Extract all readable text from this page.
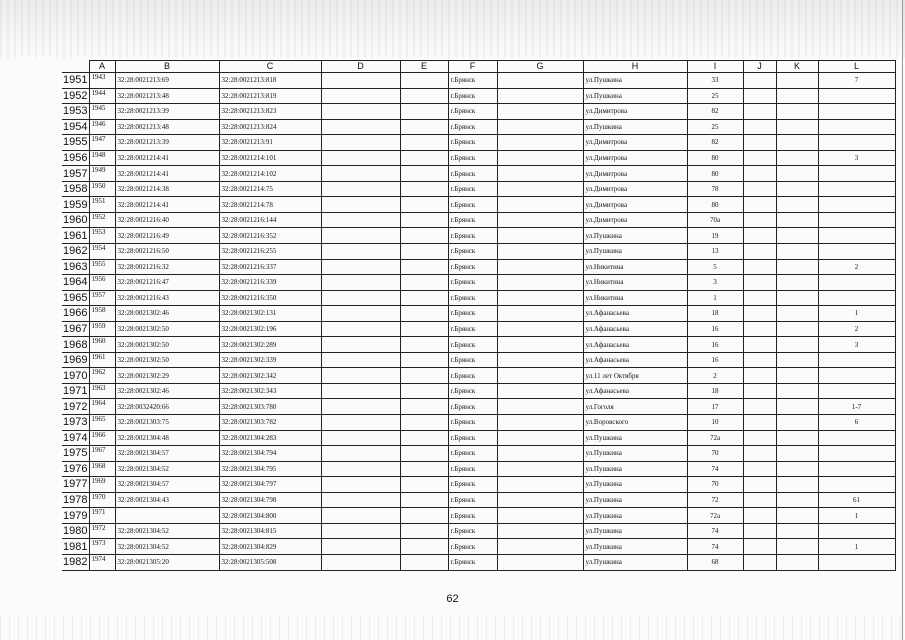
	A	B	C	D	E	F	G	H	I	J	K	L
1951	1943	32:28:0021213:69	32:28:0021213:818			г.Брянск		ул.Пушкина	33			7
1952	1944	32:28:0021213:48	32:28:0021213:819			г.Брянск		ул.Пушкина	25			
1953	1945	32:28:0021213:39	32:28:0021213:823			г.Брянск		ул.Димитрова	82			
1954	1946	32:28:0021213:48	32:28:0021213:824			г.Брянск		ул.Пушкина	25			
1955	1947	32:28:0021213:39	32:28:0021213:91			г.Брянск		ул.Димитрова	82			
1956	1948	32:28:0021214:41	32:28:0021214:101			г.Брянск		ул.Димитрова	80			3
1957	1949	32:28:0021214:41	32:28:0021214:102			г.Брянск		ул.Димитрова	80			
1958	1950	32:28:0021214:38	32:28:0021214:75			г.Брянск		ул.Димитрова	78			
1959	1951	32:28:0021214:41	32:28:0021214:78			г.Брянск		ул.Димитрова	80			
1960	1952	32:28:0021216:40	32:28:0021216:144			г.Брянск		ул.Димитрова	70а			
1961	1953	32:28:0021216:49	32:28:0021216:352			г.Брянск		ул.Пушкина	19			
1962	1954	32:28:0021216:50	32:28:0021216:255			г.Брянск		ул.Пушкина	13			
1963	1955	32:28:0021216:32	32:28:0021216:337			г.Брянск		ул.Никитина	5			2
1964	1956	32:28:0021216:47	32:28:0021216:339			г.Брянск		ул.Никитина	3			
1965	1957	32:28:0021216:43	32:28:0021216:350			г.Брянск		ул.Никитина	1			
1966	1958	32:28:0021302:46	32:28:0021302:131			г.Брянск		ул.Афанасьева	18			1
1967	1959	32:28:0021302:50	32:28:0021302:196			г.Брянск		ул.Афанасьева	16			2
1968	1960	32:28:0021302:50	32:28:0021302:289			г.Брянск		ул.Афанасьева	16			3
1969	1961	32:28:0021302:50	32:28:0021302:339			г.Брянск		ул.Афанасьева	16			
1970	1962	32:28:0021302:29	32:28:0021302:342			г.Брянск		ул.11 лет Октября	2			
1971	1963	32:28:0021302:46	32:28:0021302:343			г.Брянск		ул.Афанасьева	18			
1972	1964	32:28:0032420:66	32:28:0021303:780			г.Брянск		ул.Гоголя	17			1-7
1973	1965	32:28:0021303:75	32:28:0021303:782			г.Брянск		ул.Воровского	10			6
1974	1966	32:28:0021304:48	32:28:0021304:283			г.Брянск		ул.Пушкина	72а			
1975	1967	32:28:0021304:57	32:28:0021304:794			г.Брянск		ул.Пушкина	70			
1976	1968	32:28:0021304:52	32:28:0021304:795			г.Брянск		ул.Пушкина	74			
1977	1969	32:28:0021304:57	32:28:0021304:797			г.Брянск		ул.Пушкина	70			
1978	1970	32:28:0021304:43	32:28:0021304:798			г.Брянск		ул.Пушкина	72			61
1979	1971		32:28:0021304:800			г.Брянск		ул.Пушкина	72а			1
1980	1972	32:28:0021304:52	32:28:0021304:815			г.Брянск		ул.Пушкина	74			
1981	1973	32:28:0021304:52	32:28:0021304:829			г.Брянск		ул.Пушкина	74			1
1982	1974	32:28:0021305:20	32:28:0021305:508			г.Брянск		ул.Пушкина	68			
62
